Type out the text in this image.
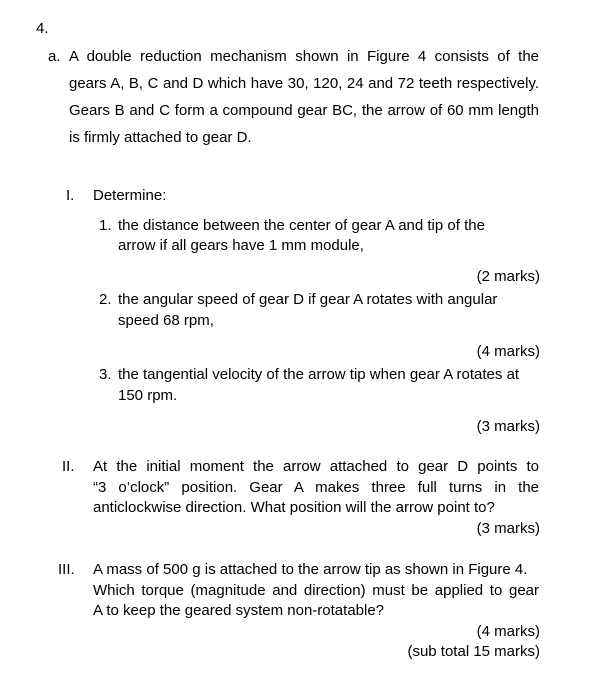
4.
a. A double reduction mechanism shown in Figure 4 consists of the
gears A, B, C and D which have 30, 120, 24 and 72 teeth respectively.
Gears B and C form a compound gear BC, the arrow of 60 mm length
is firmly attached to gear D.
I. Determine:
1. the distance between the center of gear A and tip of the
arrow if all gears have 1 mm module,
(2 marks)
2. the angular speed of gear D if gear A rotates with angular
speed 68 rpm,
(4 marks)
3. the tangential velocity of the arrow tip when gear A rotates at
150 rpm.
(3 marks)
II. At the initial moment the arrow attached to gear D points to
“3 o’clock” position. Gear A makes three full turns in the
anticlockwise direction. What position will the arrow point to?
(3 marks)
III. A mass of 500 g is attached to the arrow tip as shown in Figure 4.
Which torque (magnitude and direction) must be applied to gear
A to keep the geared system non-rotatable?
(4 marks)
(sub total 15 marks)
